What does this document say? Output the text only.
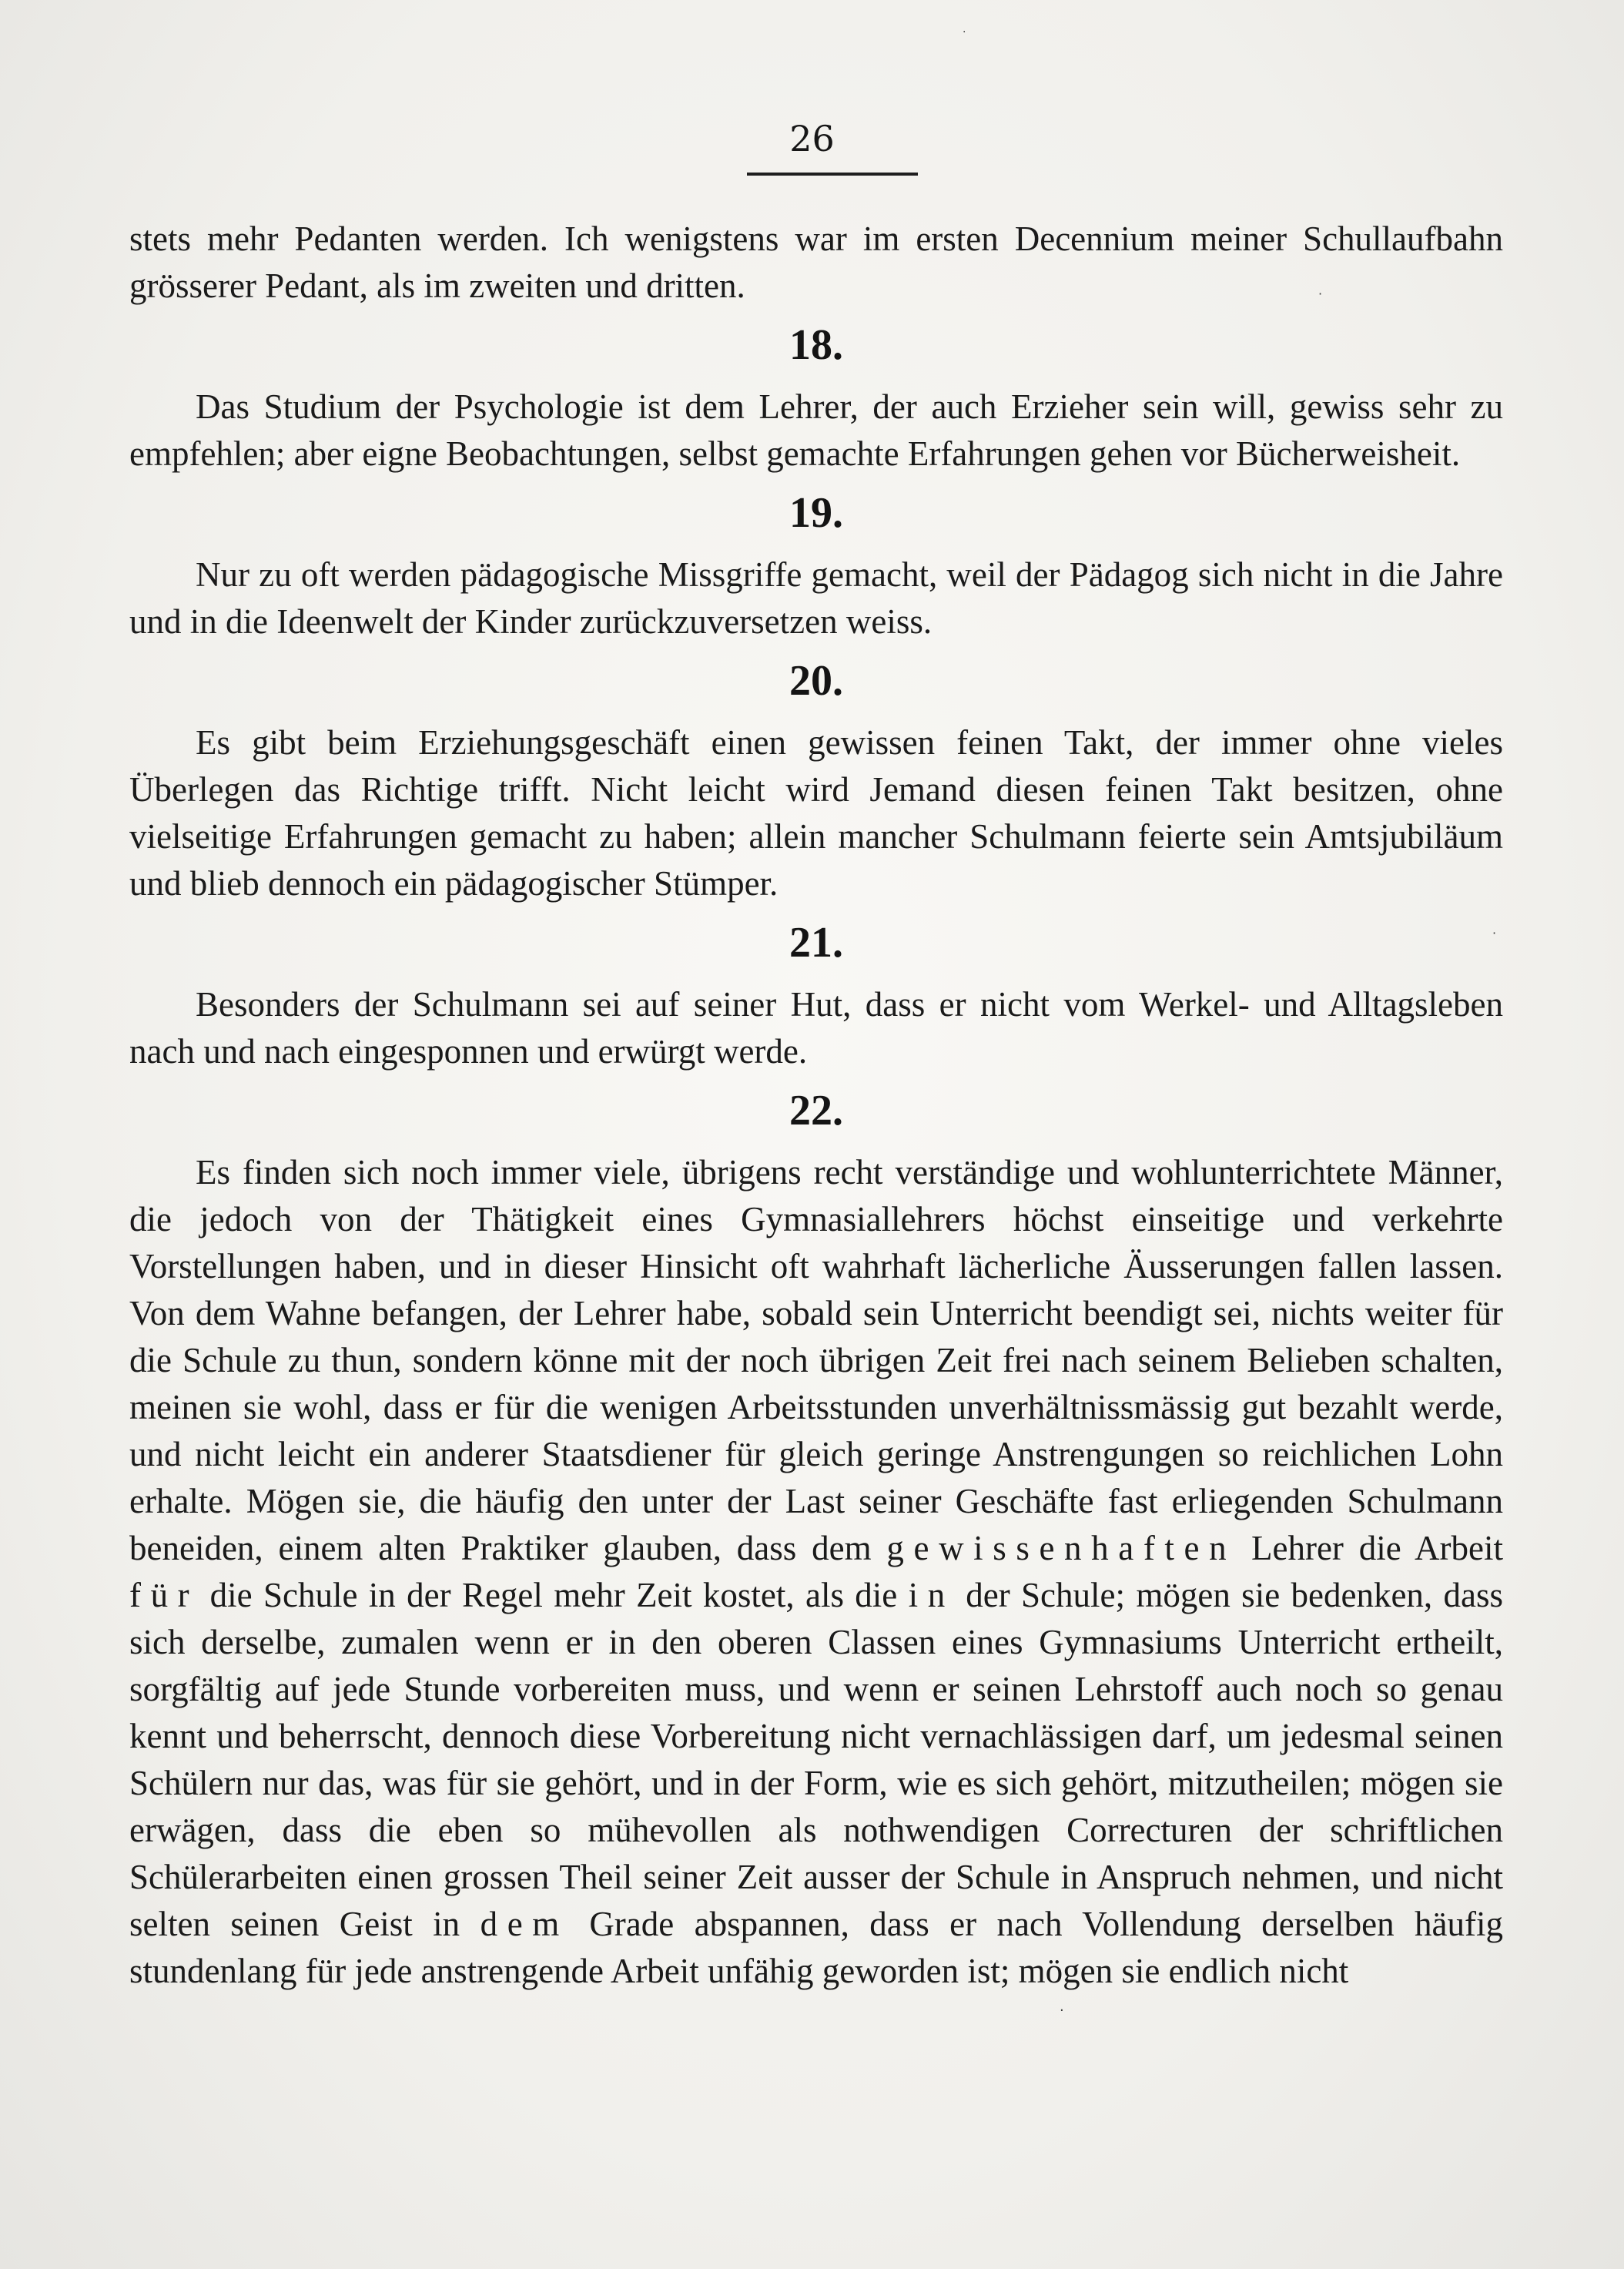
26
·
·
·
·

stets mehr Pedanten werden. Ich wenigstens war im ersten Decennium meiner Schullaufbahn grösserer Pedant, als im zweiten und dritten.

18.

Das Studium der Psychologie ist dem Lehrer, der auch Erzieher sein will, gewiss sehr zu empfehlen; aber eigne Beobachtungen, selbst gemachte Erfahrungen gehen vor Bücherweisheit.

19.

Nur zu oft werden pädagogische Missgriffe gemacht, weil der Pädagog sich nicht in die Jahre und in die Ideenwelt der Kinder zurückzuversetzen weiss.

20.

Es gibt beim Erziehungsgeschäft einen gewissen feinen Takt, der immer ohne vieles Überlegen das Richtige trifft. Nicht leicht wird Jemand diesen feinen Takt besitzen, ohne vielseitige Erfahrungen gemacht zu haben; allein mancher Schulmann feierte sein Amtsjubiläum und blieb dennoch ein pädagogischer Stümper.

21.

Besonders der Schulmann sei auf seiner Hut, dass er nicht vom Werkel- und Alltagsleben nach und nach eingesponnen und erwürgt werde.

22.

Es finden sich noch immer viele, übrigens recht verständige und wohlunterrichtete Männer, die jedoch von der Thätigkeit eines Gymnasiallehrers höchst einseitige und verkehrte Vorstellungen haben, und in dieser Hinsicht oft wahrhaft lächerliche Äusserungen fallen lassen. Von dem Wahne befangen, der Lehrer habe, sobald sein Unterricht beendigt sei, nichts weiter für die Schule zu thun, sondern könne mit der noch übrigen Zeit frei nach seinem Belieben schalten, meinen sie wohl, dass er für die wenigen Arbeitsstunden unverhältnissmässig gut bezahlt werde, und nicht leicht ein anderer Staatsdiener für gleich geringe Anstrengungen so reichlichen Lohn erhalte. Mögen sie, die häufig den unter der Last seiner Geschäfte fast erliegenden Schulmann beneiden, einem alten Praktiker glauben, dass dem gewissenhaften Lehrer die Arbeit für die Schule in der Regel mehr Zeit kostet, als die in der Schule; mögen sie bedenken, dass sich derselbe, zumalen wenn er in den oberen Classen eines Gymnasiums Unterricht ertheilt, sorgfältig auf jede Stunde vorbereiten muss, und wenn er seinen Lehrstoff auch noch so genau kennt und beherrscht, dennoch diese Vorbereitung nicht vernachlässigen darf, um jedesmal seinen Schülern nur das, was für sie gehört, und in der Form, wie es sich gehört, mitzutheilen; mögen sie erwägen, dass die eben so mühevollen als nothwendigen Correcturen der schriftlichen Schülerarbeiten einen grossen Theil seiner Zeit ausser der Schule in Anspruch nehmen, und nicht selten seinen Geist in dem Grade abspannen, dass er nach Vollendung derselben häufig stundenlang für jede anstrengende Arbeit unfähig geworden ist; mögen sie endlich nicht
